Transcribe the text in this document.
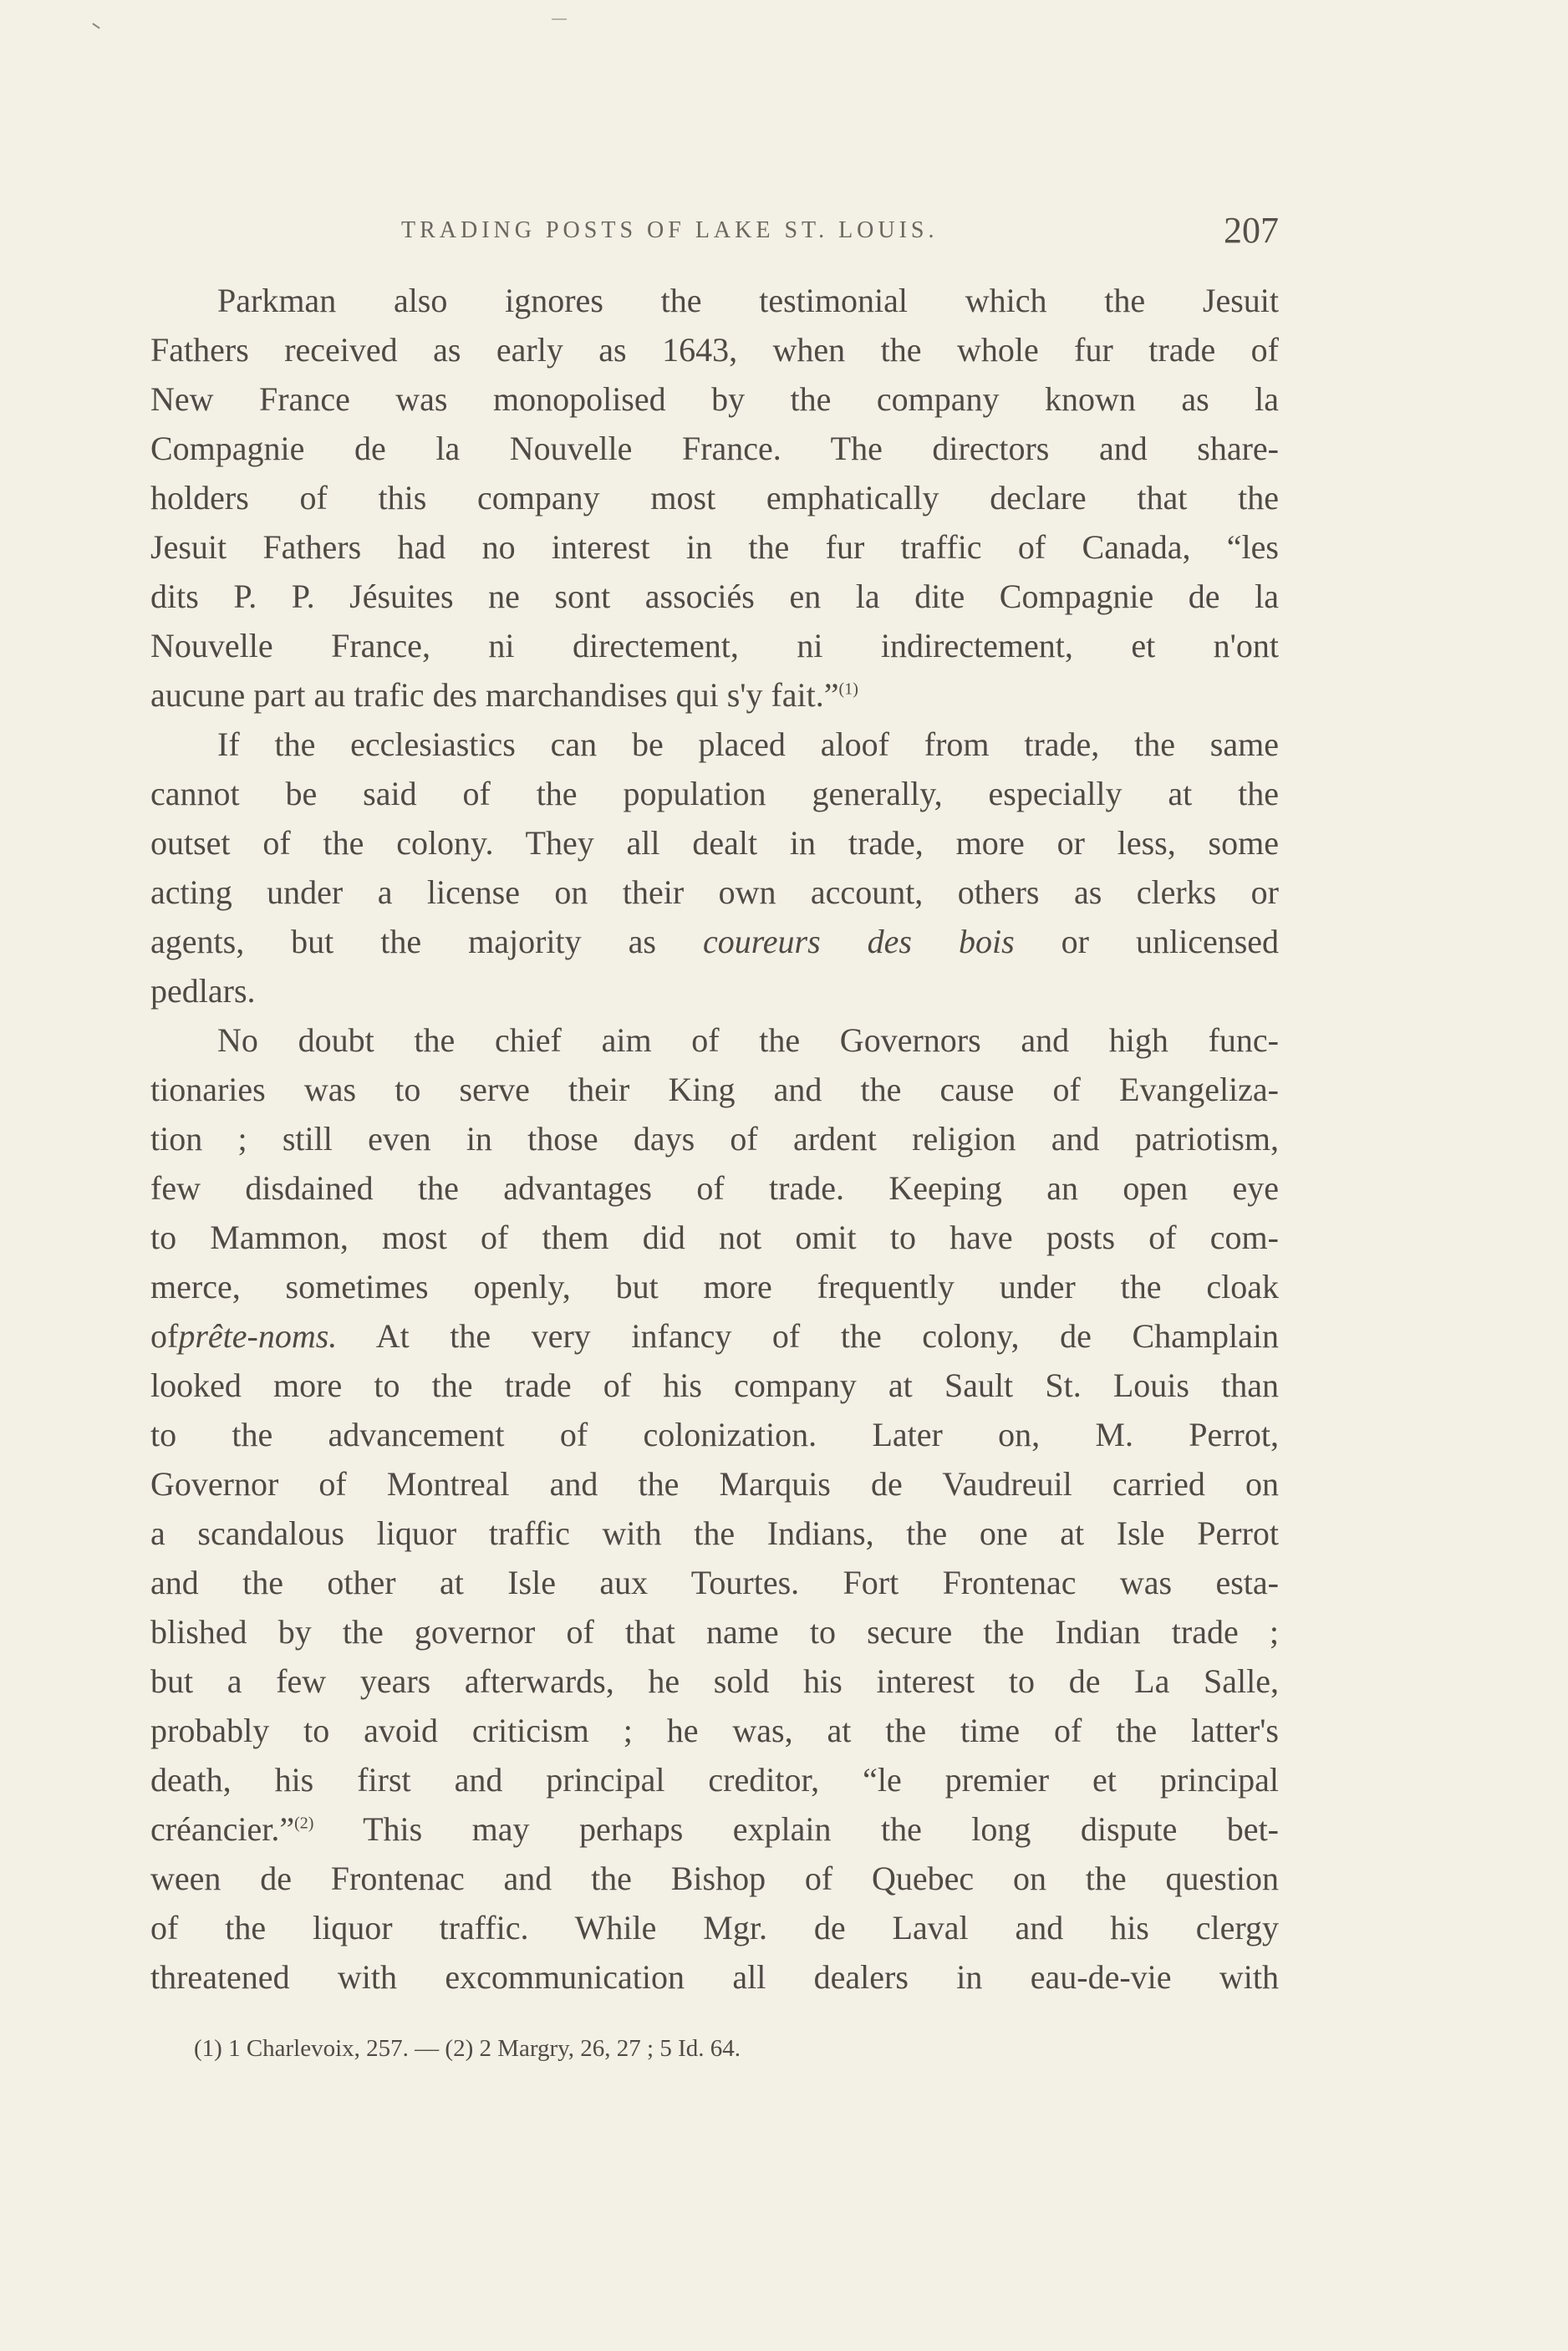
TRADING POSTS OF LAKE ST. LOUIS.	207
Parkman also ignores the testimonial which the Jesuit
Fathers received as early as 1643, when the whole fur trade of
New France was monopolised by the company known as la
Compagnie de la Nouvelle France. The directors and share-
holders of this company most emphatically declare that the
Jesuit Fathers had no interest in the fur traffic of Canada, “les
dits P. P. Jésuites ne sont associés en la dite Compagnie de la
Nouvelle France, ni directement, ni indirectement, et n'ont
aucune part au trafic des marchandises qui s'y fait.”$^{(1)}$
If the ecclesiastics can be placed aloof from trade, the same
cannot be said of the population generally, especially at the
outset of the colony. They all dealt in trade, more or less, some
acting under a license on their own account, others as clerks or
agents, but the majority as coureurs des bois or unlicensed
pedlars.
No doubt the chief aim of the Governors and high func-
tionaries was to serve their King and the cause of Evangeliza-
tion ; still even in those days of ardent religion and patriotism,
few disdained the advantages of trade. Keeping an open eye
to Mammon, most of them did not omit to have posts of com-
merce, sometimes openly, but more frequently under the cloak
ofprête-noms. At the very infancy of the colony, de Champlain
looked more to the trade of his company at Sault St. Louis than
to the advancement of colonization. Later on, M. Perrot,
Governor of Montreal and the Marquis de Vaudreuil carried on
a scandalous liquor traffic with the Indians, the one at Isle Perrot
and the other at Isle aux Tourtes. Fort Frontenac was esta-
blished by the governor of that name to secure the Indian trade ;
but a few years afterwards, he sold his interest to de La Salle,
probably to avoid criticism ; he was, at the time of the latter's
death, his first and principal creditor, “le premier et principal
créancier.”$^{(2)}$ This may perhaps explain the long dispute bet-
ween de Frontenac and the Bishop of Quebec on the question
of the liquor traffic. While Mgr. de Laval and his clergy
threatened with excommunication all dealers in eau-de-vie with
(1) 1 Charlevoix, 257. — (2) 2 Margry, 26, 27 ; 5 Id. 64.
